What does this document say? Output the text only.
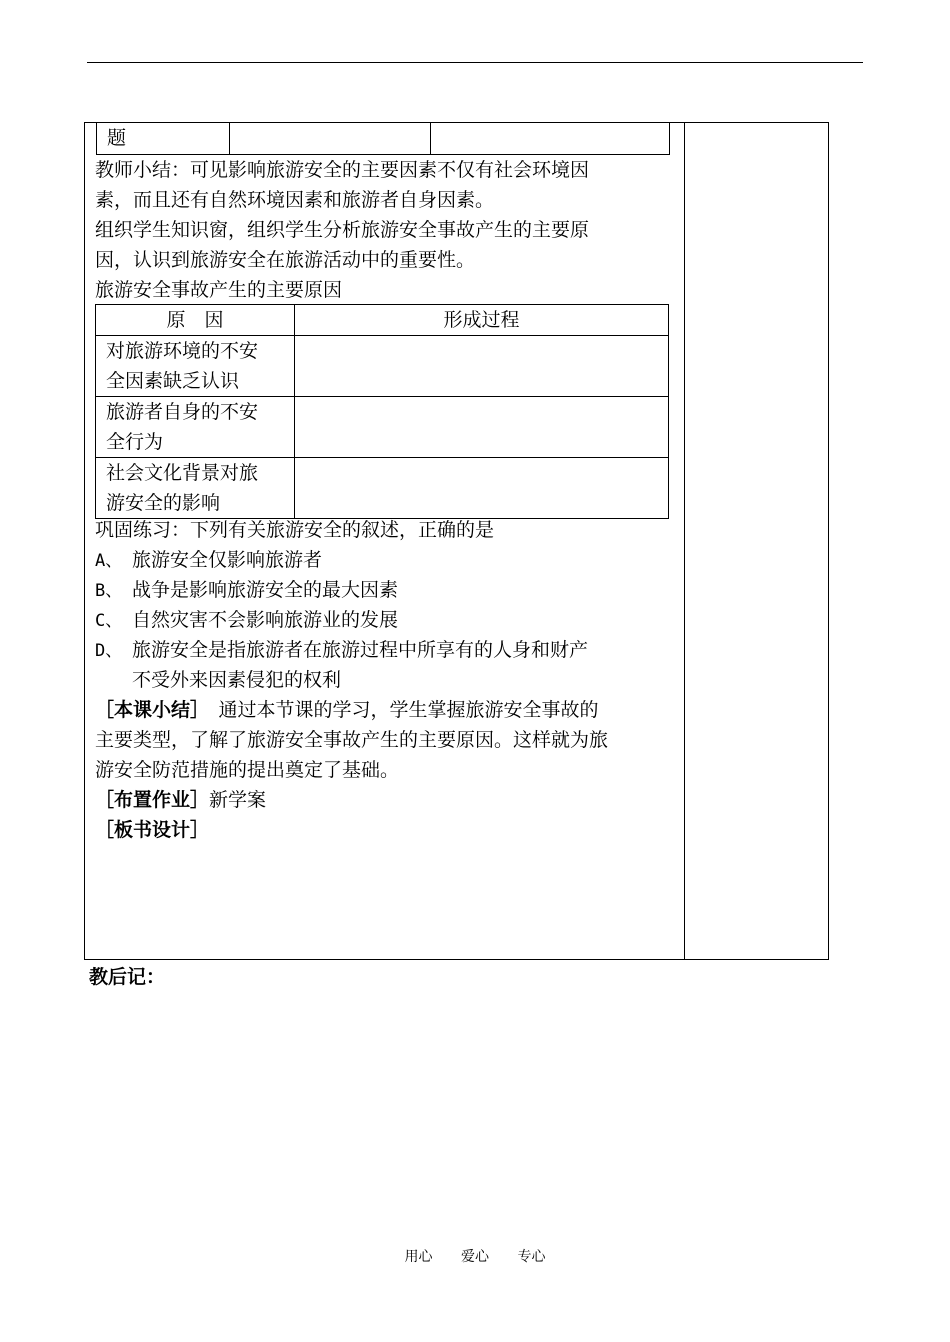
题

教师小结：可见影响旅游安全的主要因素不仅有社会环境因

素，而且还有自然环境因素和旅游者自身因素。

组织学生知识窗，组织学生分析旅游安全事故产生的主要原

因，认识到旅游安全在旅游活动中的重要性。

旅游安全事故产生的主要原因

原　因	形成过程
对旅游环境的不安
全因素缺乏认识	
旅游者自身的不安
全行为	
社会文化背景对旅
游安全的影响	

巩固练习：下列有关旅游安全的叙述，正确的是

A、 旅游安全仅影响旅游者

B、 战争是影响旅游安全的最大因素

C、 自然灾害不会影响旅游业的发展

D、 旅游安全是指旅游者在旅游过程中所享有的人身和财产

不受外来因素侵犯的权利

［本课小结］　通过本节课的学习，学生掌握旅游安全事故的

主要类型，了解了旅游安全事故产生的主要原因。这样就为旅

游安全防范措施的提出奠定了基础。

［布置作业］新学案

［板书设计］

教后记：
用心 爱心 专心
